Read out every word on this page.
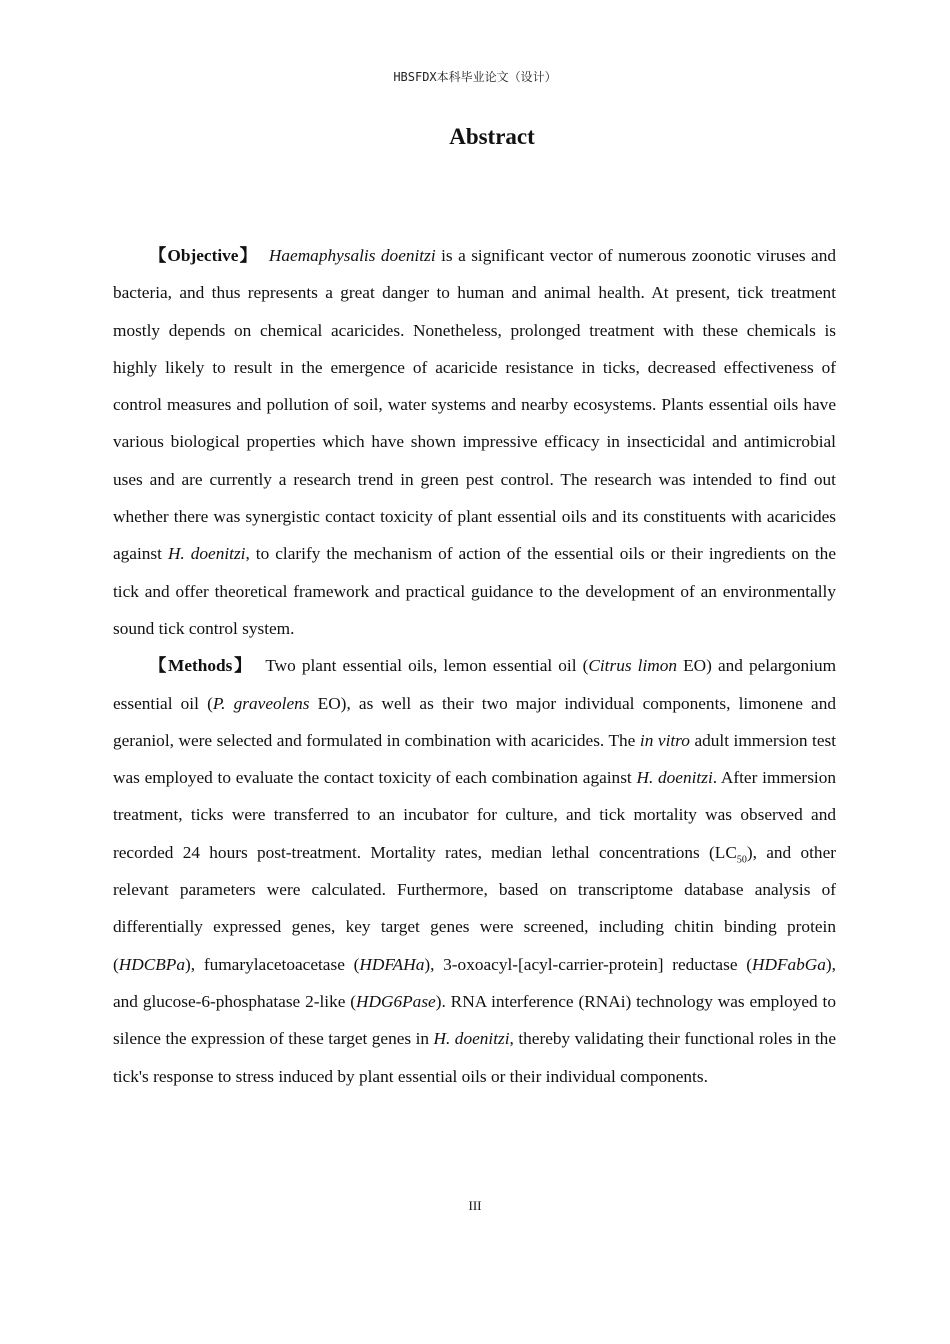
HBSFDX本科毕业论文（设计）
Abstract

【Objective】 Haemaphysalis doenitzi is a significant vector of numerous zoonotic viruses and bacteria, and thus represents a great danger to human and animal health. At present, tick treatment mostly depends on chemical acaricides. Nonetheless, prolonged treatment with these chemicals is highly likely to result in the emergence of acaricide resistance in ticks, decreased effectiveness of control measures and pollution of soil, water systems and nearby ecosystems. Plants essential oils have various biological properties which have shown impressive efficacy in insecticidal and antimicrobial uses and are currently a research trend in green pest control. The research was intended to find out whether there was synergistic contact toxicity of plant essential oils and its constituents with acaricides against H. doenitzi, to clarify the mechanism of action of the essential oils or their ingredients on the tick and offer theoretical framework and practical guidance to the development of an environmentally sound tick control system.

【Methods】 Two plant essential oils, lemon essential oil (Citrus limon EO) and pelargonium essential oil (P. graveolens EO), as well as their two major individual components, limonene and geraniol, were selected and formulated in combination with acaricides. The in vitro adult immersion test was employed to evaluate the contact toxicity of each combination against H. doenitzi. After immersion treatment, ticks were transferred to an incubator for culture, and tick mortality was observed and recorded 24 hours post-treatment. Mortality rates, median lethal concentrations $(LC_{50})$, and other relevant parameters were calculated. Furthermore, based on transcriptome database analysis of differentially expressed genes, key target genes were screened, including chitin binding protein (HDCBPa), fumarylacetoacetase (HDFAHa), 3-oxoacyl-[acyl-carrier-protein] reductase (HDFabGa), and glucose-6-phosphatase 2-like (HDG6Pase). RNA interference (RNAi) technology was employed to silence the expression of these target genes in H. doenitzi, thereby validating their functional roles in the tick's response to stress induced by plant essential oils or their individual components.

III
